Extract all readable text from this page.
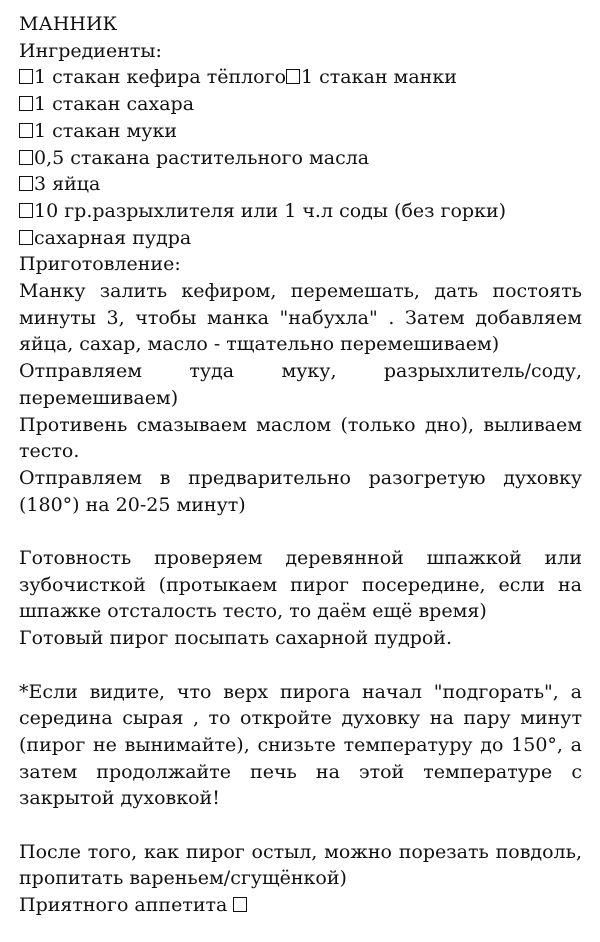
МАННИК
Ингредиенты:
1 стакан кефира тёплого 1 стакан манки
1 стакан сахара
1 стакан муки
0,5 стакана растительного масла
3 яйца
10 гр.разрыхлителя или 1 ч.л соды (без горки)
сахарная пудра
Приготовление:
Манку залить кефиром, перемешать, дать постоять минуты 3, чтобы манка "набухла" . Затем добавляем яйца, сахар, масло - тщательно перемешиваем)
Отправляем туда муку, разрыхлитель/соду, перемешиваем)
Противень смазываем маслом (только дно), выливаем тесто.
Отправляем в предварительно разогретую духовку (180°) на 20-25 минут)
Готовность проверяем деревянной шпажкой или зубочисткой (протыкаем пирог посередине, если на шпажке отсталость тесто, то даём ещё время)
Готовый пирог посыпать сахарной пудрой.
*Если видите, что верх пирога начал "подгорать", а середина сырая , то откройте духовку на пару минут (пирог не вынимайте), снизьте температуру до 150°, а затем продолжайте печь на этой температуре с закрытой духовкой!
После того, как пирог остыл, можно порезать повдоль, пропитать вареньем/сгущёнкой)
Приятного аппетита
